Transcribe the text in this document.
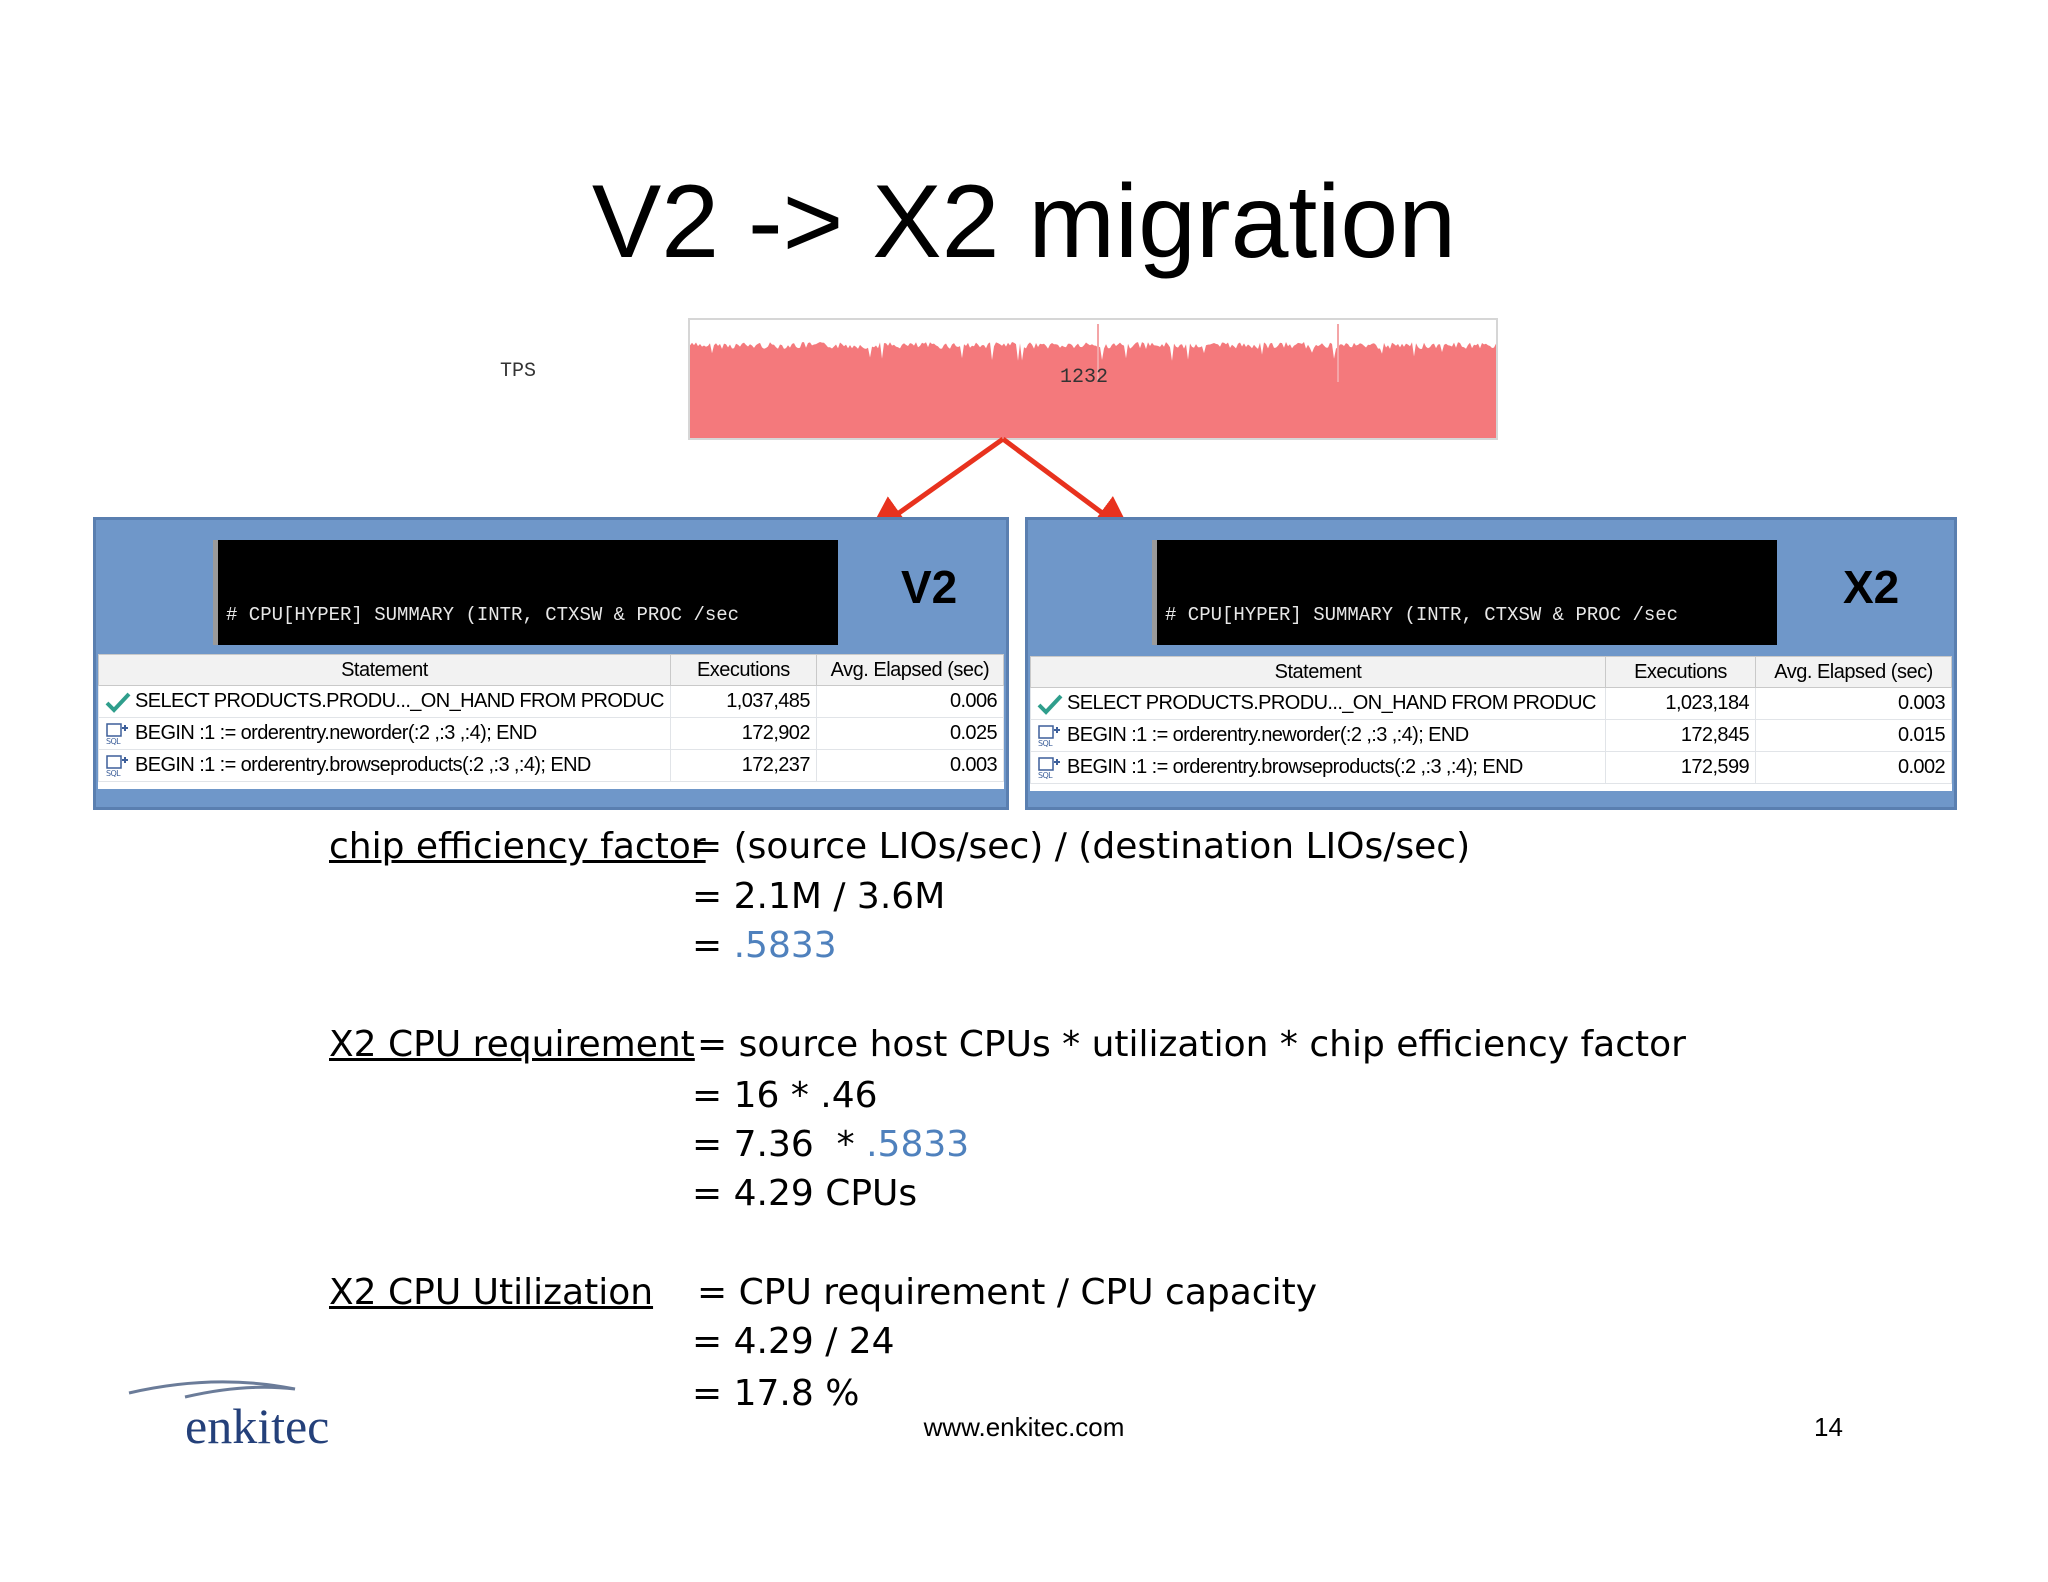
V2 -> X2 migration
TPS	1232

# CPU[HYPER] SUMMARY (INTR, CTXSW & PROC /sec

V2
Statement	Executions	Avg. Elapsed (sec)
SELECT PRODUCTS.PRODU..._ON_HAND FROM PRODUC	1,037,485	0.006

SQL BEGIN :1 := orderentry.neworder(:2 ,:3 ,:4); END	172,902	0.025

SQL BEGIN :1 := orderentry.browseproducts(:2 ,:3 ,:4); END	172,237	0.003

# CPU[HYPER] SUMMARY (INTR, CTXSW & PROC /sec

X2
Statement	Executions	Avg. Elapsed (sec)
SELECT PRODUCTS.PRODU..._ON_HAND FROM PRODUC	1,023,184	0.003

SQL BEGIN :1 := orderentry.neworder(:2 ,:3 ,:4); END	172,845	0.015

SQL BEGIN :1 := orderentry.browseproducts(:2 ,:3 ,:4); END	172,599	0.002
chip efficiency factor
= (source LIOs/sec) / (destination LIOs/sec)
= 2.1M / 3.6M
= .5833
X2 CPU requirement = source host CPUs * utilization * chip efficiency factor
= 16 * .46
= 7.36  * .5833
= 4.29 CPUs
X2 CPU Utilization = CPU requirement / CPU capacity
= 4.29 / 24
= 17.8 %
enkitec	www.enkitec.com	14
